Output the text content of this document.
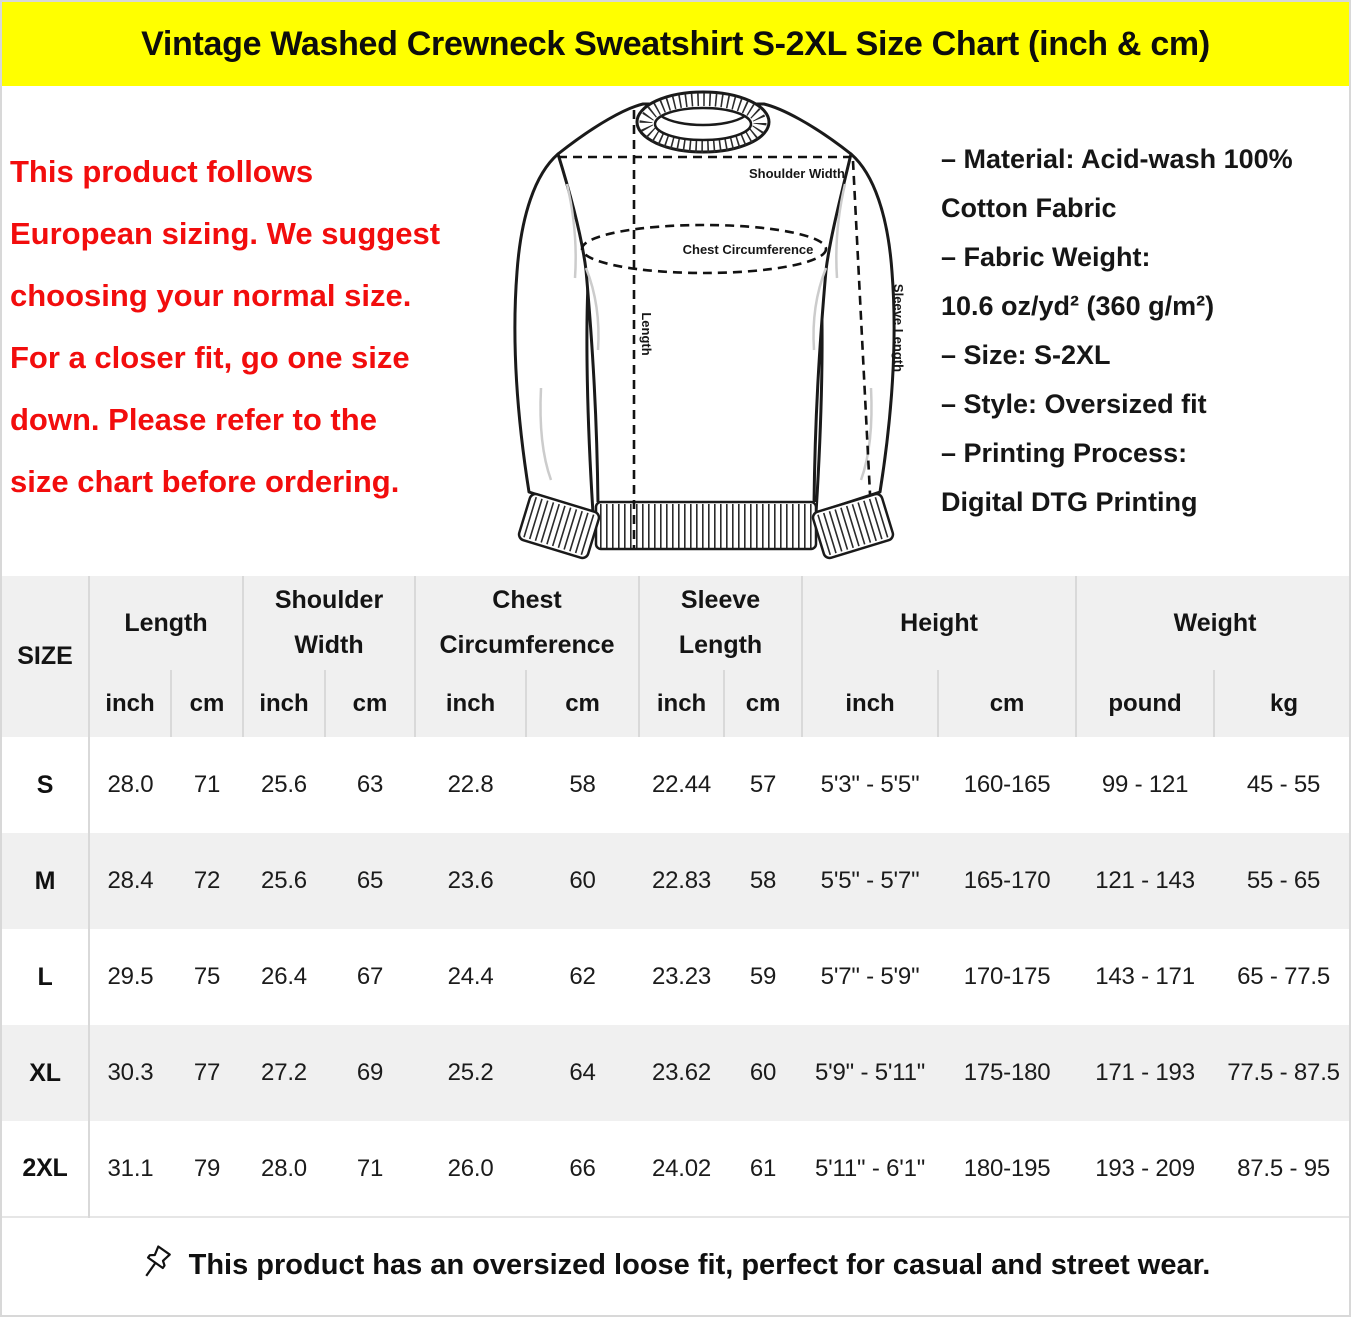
Vintage Washed Crewneck Sweatshirt S-2XL Size Chart (inch & cm)
This product follows
European sizing. We suggest
choosing your normal size.
For a closer fit, go one size
down. Please refer to the
size chart before ordering.
Shoulder Width
Chest Circumference
Length	Sleeve Length
– Material: Acid-wash 100%
Cotton Fabric
– Fabric Weight:
10.6 oz/yd² (360 g/m²)
– Size: S-2XL
– Style: Oversized fit
– Printing Process:
Digital DTG Printing
SIZE	Length		Shoulder Width		Chest Circumference		Sleeve Length		Height		Weight	
	inch	cm	inch	cm	inch	cm	inch	cm	inch	cm	pound	kg
S	28.0	71	25.6	63	22.8	58	22.44	57	5'3" - 5'5"	160-165	99 - 121	45 - 55
M	28.4	72	25.6	65	23.6	60	22.83	58	5'5" - 5'7"	165-170	121 - 143	55 - 65
L	29.5	75	26.4	67	24.4	62	23.23	59	5'7" - 5'9"	170-175	143 - 171	65 - 77.5
XL	30.3	77	27.2	69	25.2	64	23.62	60	5'9" - 5'11"	175-180	171 - 193	77.5 - 87.5
2XL	31.1	79	28.0	71	26.0	66	24.02	61	5'11" - 6'1"	180-195	193 - 209	87.5 - 95
This product has an oversized loose fit, perfect for casual and street wear.
